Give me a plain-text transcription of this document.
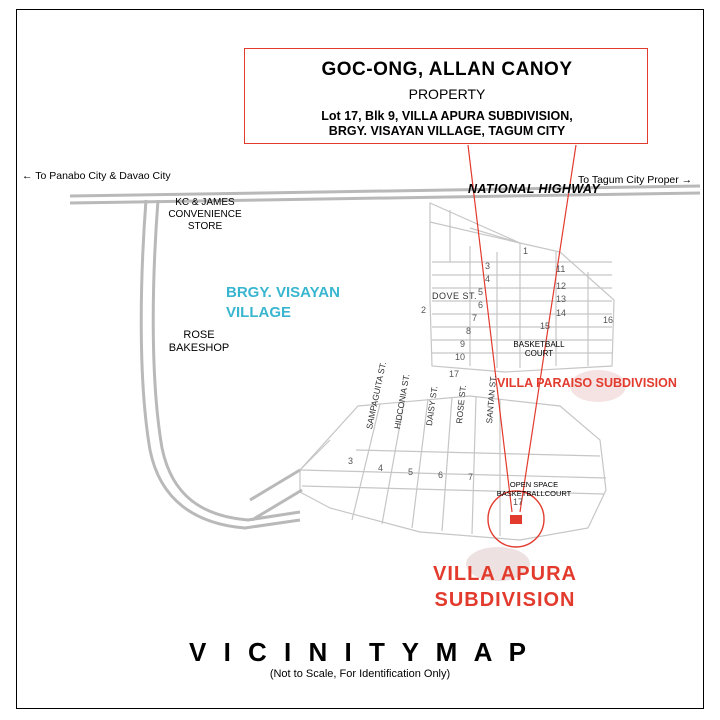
GOC-ONG, ALLAN CANOY
PROPERTY
Lot 17, Blk 9, VILLA APURA SUBDIVISION,
BRGY. VISAYAN VILLAGE, TAGUM CITY
NATIONAL HIGHWAY
← To Panabo City & Davao City	To Tagum City Proper →
KC & JAMES CONVENIENCE STORE
ROSE BAKESHOP
BRGY. VISAYAN VILLAGE
VILLA PARAISO SUBDIVISION
VILLA APURA SUBDIVISION
BASKETBALL COURT
OPEN SPACE BASKETBALLCOURT
DOVE ST.
1
2
3
4
5
6
7
8
9
10
11
12
13
14
15
16
17
3
4	5	6	7
17
SAMPAGUITA ST. HIDCONIA ST. DAISY ST. ROSE ST. SANTAN ST.
V I C I N I T Y M A P
(Not to Scale, For Identification Only)
